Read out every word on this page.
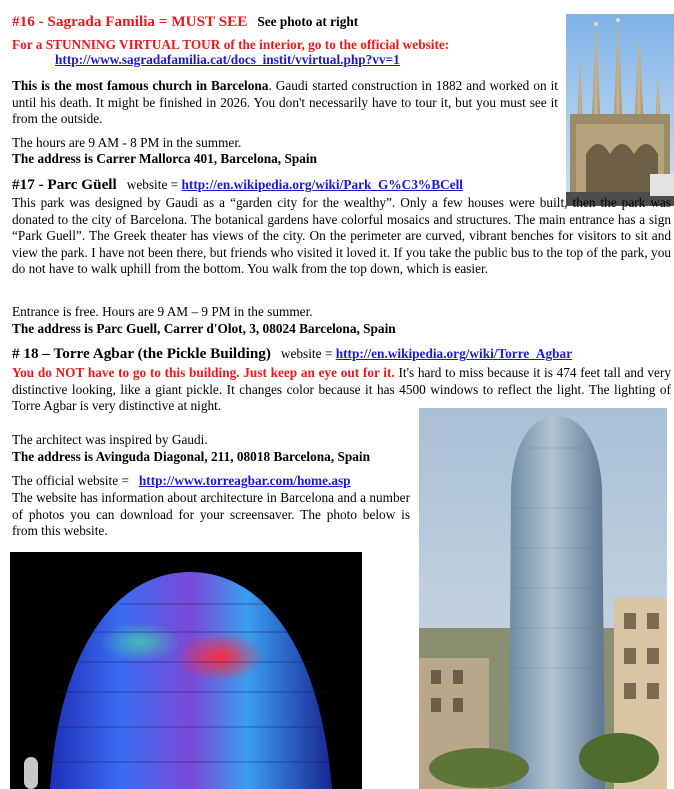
#16 - Sagrada Familia = MUST SEE See photo at right
For a STUNNING VIRTUAL TOUR of the interior, go to the official website:
http://www.sagradafamilia.cat/docs_instit/vvirtual.php?vv=1
This is the most famous church in Barcelona. Gaudi started construction in 1882 and worked on it until his death. It might be finished in 2026. You don't necessarily have to tour it, but you must see it from the outside.
The hours are 9 AM - 8 PM in the summer.
The address is Carrer Mallorca 401, Barcelona, Spain
#17 - Parc Güell website = http://en.wikipedia.org/wiki/Park_G%C3%BCell
This park was designed by Gaudi as a “garden city for the wealthy”. Only a few houses were built, then the park was donated to the city of Barcelona. The botanical gardens have colorful mosaics and structures. The main entrance has a sign “Park Guell”. The Greek theater has views of the city. On the perimeter are curved, vibrant benches for visitors to sit and view the park. I have not been there, but friends who visited it loved it. If you take the public bus to the top of the park, you do not have to walk uphill from the bottom. You walk from the top down, which is easier.
Entrance is free. Hours are 9 AM – 9 PM in the summer.
The address is Parc Guell, Carrer d'Olot, 3, 08024 Barcelona, Spain
# 18 – Torre Agbar (the Pickle Building) website = http://en.wikipedia.org/wiki/Torre_Agbar
You do NOT have to go to this building. Just keep an eye out for it. It's hard to miss because it is 474 feet tall and very distinctive looking, like a giant pickle. It changes color because it has 4500 windows to reflect the light. The lighting of Torre Agbar is very distinctive at night.
The architect was inspired by Gaudi.
The address is Avinguda Diagonal, 211, 08018 Barcelona, Spain
The official website = http://www.torreagbar.com/home.asp
The website has information about architecture in Barcelona and a number of photos you can download for your screensaver. The photo below is from this website.
